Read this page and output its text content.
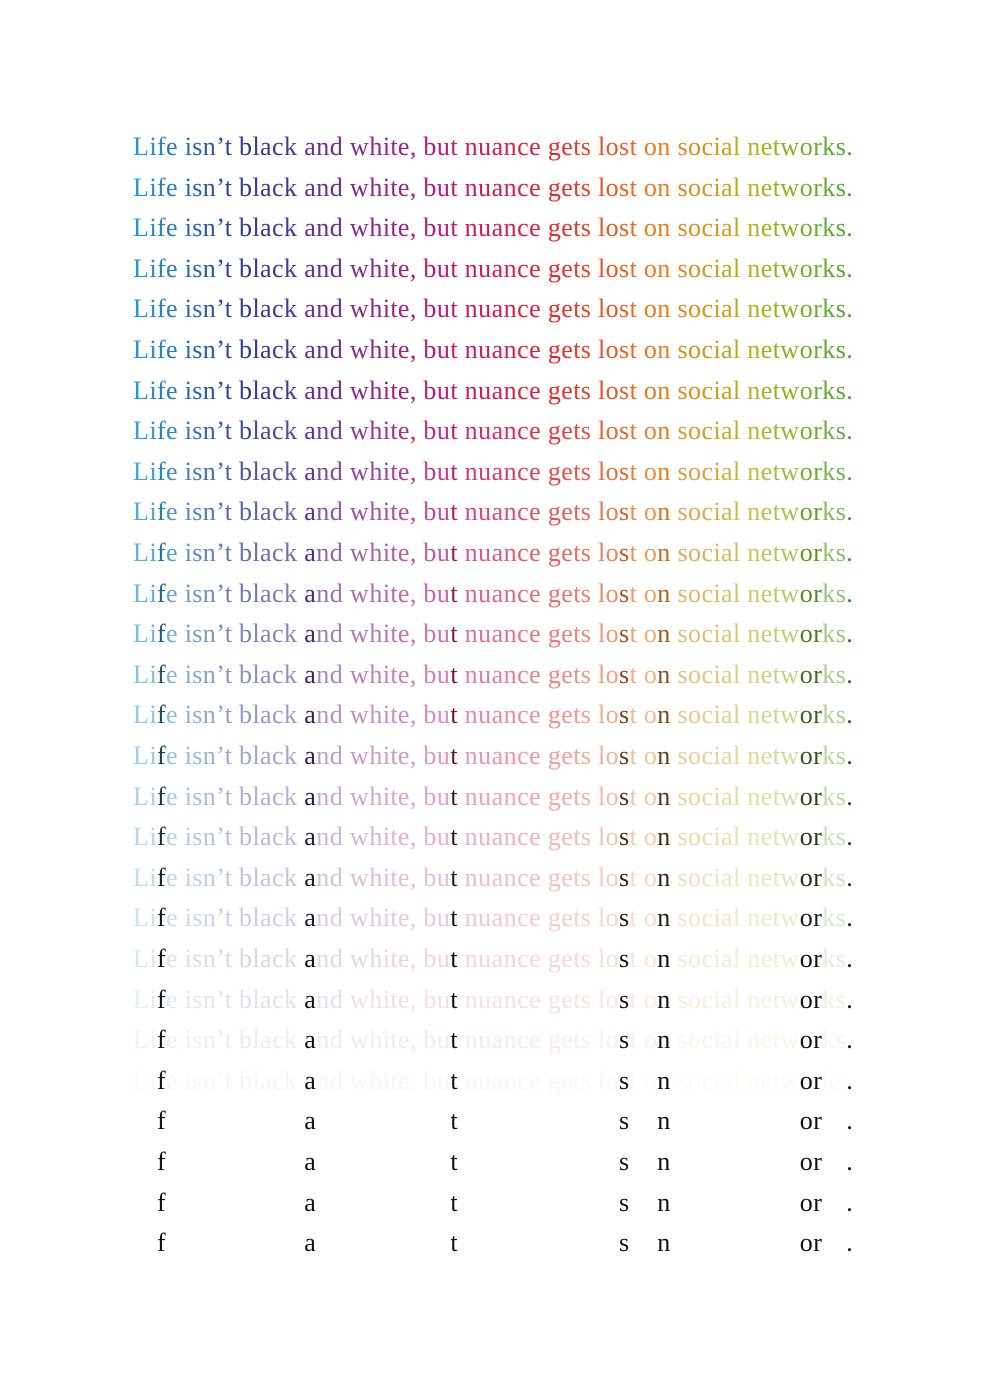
L i f e
i s n ’ t
b l a c k
a n d
w h i t e ,
b u t
n u a n c e
g e t s
l o s t
o n
s o c i a l
n e t w o r k s .
L i f e
i s n ’ t
b l a c k
a n d
w h i t e ,
b u t
n u a n c e
g e t s
l o s t
o n
s o c i a l
n e t w o r k s .
L i f e
i s n ’ t
b l a c k
a n d
w h i t e ,
b u t
n u a n c e
g e t s
l o s t
o n
s o c i a l
n e t w o r k s .
L i f e
i s n ’ t
b l a c k
a n d
w h i t e ,
b u t
n u a n c e
g e t s
l o s t
o n
s o c i a l
n e t w o r k s .
L i f e
i s n ’ t
b l a c k
a n d
w h i t e ,
b u t
n u a n c e
g e t s
l o s t
o n
s o c i a l
n e t w o r k s .
L i f e
i s n ’ t
b l a c k
a n d
w h i t e ,
b u t
n u a n c e
g e t s
l o s t
o n
s o c i a l
n e t w o r k s .
L i f e
i s n ’ t
b l a c k
a n d
w h i t e ,
b u t
n u a n c e
g e t s
l o s t
o n
s o c i a l
n e t w o r k s .
L i f e
i s n ’ t
b l a c k
a n d
w h i t e ,
b u t
n u a n c e
g e t s
l o s t
o n
s o c i a l
n e t w o r k s .
L i f e
i s n ’ t
b l a c k
a n d
w h i t e ,
b u t
n u a n c e
g e t s
l o s t
o n
s o c i a l
n e t w o r k s .
L i f e
i s n ’ t
b l a c k
a n d
w h i t e ,
b u t
n u a n c e
g e t s
l o s t
o n
s o c i a l
n e t w o r k s .
L i f e
i s n ’ t
b l a c k
a n d
w h i t e ,
b u t
n u a n c e
g e t s
l o s t
o n
s o c i a l
n e t w o r k s .
L i f e
i s n ’ t
b l a c k
a n d
w h i t e ,
b u t
n u a n c e
g e t s
l o s t
o n
s o c i a l
n e t w o r k s .
L i f e
i s n ’ t
b l a c k
a n d
w h i t e ,
b u t
n u a n c e
g e t s
l o s t
o n
s o c i a l
n e t w o r k s .
L i f e
i s n ’ t
b l a c k
a n d
w h i t e ,
b u t
n u a n c e
g e t s
l o s t
o n
s o c i a l
n e t w o r k s .
L i f e
i s n ’ t
b l a c k
a n d
w h i t e ,
b u t
n u a n c e
g e t s
l o s t
o n
s o c i a l
n e t w o r k s .
L i f e
i s n ’ t
b l a c k
a n d
w h i t e ,
b u t
n u a n c e
g e t s
l o s t
o n
s o c i a l
n e t w o r k s .
L i f e
i s n ’ t
b l a c k
a n d
w h i t e ,
b u t
n u a n c e
g e t s
l o s t
o n
s o c i a l
n e t w o r k s .
L i f e
i s n ’ t
b l a c k
a n d
w h i t e ,
b u t
n u a n c e
g e t s
l o s t
o n
s o c i a l
n e t w o r k s .
L i f e
i s n ’ t
b l a c k
a n d
w h i t e ,
b u t
n u a n c e
g e t s
l o s t
o n
s o c i a l
n e t w o r k s .
L i f e
i s n ’ t
b l a c k
a n d
w h i t e ,
b u t
n u a n c e
g e t s
l o s t
o n
s o c i a l
n e t w o r k s .
L i f e
i s n ’ t
b l a c k
a n d
w h i t e ,
b u t
n u a n c e
g e t s
l o s t
o n
s o c i a l
n e t w o r k s .
L i f e
i s n ’ t
b l a c k
a n d
w h i t e ,
b u t
n u a n c e
g e t s
l o s t
o n
s o c i a l
n e t w o r k s .
L i f e
i s n ’ t
b l a c k
a n d
w h i t e ,
b u t
n u a n c e
g e t s
l o s t
o n
s o c i a l
n e t w o r k s .
L i f e
i s n ’ t
b l a c k
a n d
w h i t e ,
b u t
n u a n c e
g e t s
l o s t
o n
s o c i a l
n e t w o r k s .
f

	a

	t

	s
n

	o r .
f

	a

	t

	s
n

	o r .
f

	a

	t

	s
n

	o r .
f

	a

	t

	s
n

	o r .
